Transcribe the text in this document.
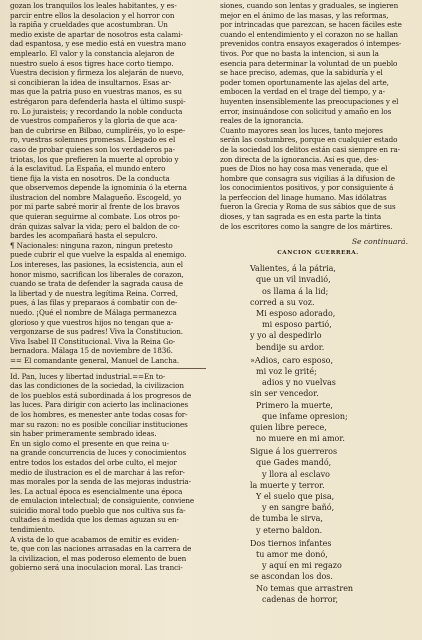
gozan los tranquilos los leales habitantes, y es-
parcir entre ellos la desolacion y el horror con
la rapiña y crueldades que acostumbran. Un
medio existe de apartar de nosotros esta calami-
dad espantosa, y ese medio está en vuestra mano
emplearlo. El valor y la constancia alejaron de
nuestro suelo á esos tigres hace corto tiempo.
Vuestra decision y firmeza los alejarán de nuevo,
si concibieran la idea de insultarnos. Esas ar-
mas que la patria puso en vuestras manos, es su
estrégaron para defenderla hasta el último suspi-
ro. Lo juraisteis; y recordando la noble conducta
de vuestros compañeros y la gloria de que aca-
ban de cubrirse en Bilbao, cumpliréis, yo lo espe-
ro, vuestras solemnes promesas. Llegado es el
caso de probar quienes son los verdaderos pa-
triotas, los que prefieren la muerte al oprobio y
á la esclavitud. La España, el mundo entero
tiene fija la vista en nosotros. De la conducta
que observemos depende la ignominia ó la eterna
ilustracion del nombre Malagueño. Escogeld, yo
por mi parte sabré morir al frente de los bravos
que quieran seguirme al combate. Los otros po-
drán quizas salvar la vida; pero el baldon de co-
bardes les acompañará hasta el sepulcro.
¶ Nacionales: ninguna razon, ningun pretesto
puede cubrir el que vuelve la espalda al enemigo.
Los intereses, las pasiones, la ecsistencia, aun el
honor mismo, sacrifican los liberales de corazon,
cuando se trata de defender la sagrada causa de
la libertad y de nuestra legítima Reina. Corred,
pues, á las filas y preparaos á combatir con de-
nuedo. ¡Qué el nombre de Málaga permanezca
glorioso y que vuestros hijos no tengan que a-
vergonzarse de sus padres! Viva la Constitucion.
Viva Isabel II Constitucional. Viva la Reina Go-
bernadora. Málaga 15 de noviembre de 1836.
== El comandante general, Manuel de Lancha.
Id. Pan, luces y libertad industrial.==En to-
das las condiciones de la sociedad, la civilizacion
de los pueblos está subordinada á los progresos de
las luces. Para dirigir con acierto las inclinaciones
de los hombres, es menester ante todas cosas for-
mar su razon: no es posible conciliar instituciones
sin haber primeramente sembrado ideas.
En un siglo como el presente en que reina u-
na grande concurrencia de luces y conocimientos
entre todos los estados del orbe culto, el mejor
medio de ilustracion es el de marchar á las refor-
mas morales por la senda de las mejoras industria-
les. La actual época es esencialmente una época
de emulacion intelectual; de consiguiente, conviene
suicidio moral todo pueblo que nos cultiva sus fa-
cultades á medida que los demas aguzan su en-
tendimiento.
A vista de lo que acabamos de emitir es eviden-
te, que con las naciones arrasadas en la carrera de
la civilizacion, el mas poderoso elemento de buen
gobierno será una inoculacion moral. Las tranci-
siones, cuando son lentas y graduales, se ingieren
mejor en el ánimo de las masas, y las reformas,
por intrincadas que parezcan, se hacen fáciles este
cuando el entendimiento y el corazon no se hallan
prevenidos contra ensayos exagerados ó intempes-
tivos. Por que no basta la intencion, si aun la
esencia para determinar la voluntad de un pueblo
se hace preciso, ademas, que la sabiduría y el
poder tomen oportunamente las ajelas del arte,
embocen la verdad en el trage del tiempo, y a-
huyenten insensiblemente las preocupaciones y el
error, insinuándose con solicitud y amaño en los
reales de la ignorancia.
Cuanto mayores sean los luces, tanto mejores
serán las costumbres, porque en cualquier estado
de la sociedad los delitos están casi siempre en ra-
zon directa de la ignorancia. Así es que, des-
pues de Dios no hay cosa mas venerada, que el
hombre que consagra sus vigilias á la difusion de
los conocimientos positivos, y por consiguiente á
la perfeccion del linage humano. Mas idólatras
fueron la Grecia y Roma de sus sábios que de sus
dioses, y tan sagrada es en esta parte la tinta
de los escritores como la sangre de los mártires.
Se continuará.
CANCION GUERRERA.
Valientes, á la pátria,
que un vil invadió,
os llama á la lid;
corred a su voz.
Mi esposo adorado,
mi esposo partió,
y yo al despedirlo
bendije su ardor.
»Adios, caro esposo,
mi voz le grité;
adios y no vuelvas
sin ser vencedor.
Primero la muerte,
que infame opresion;
quien libre perece,
no muere en mi amor.
Sigue á los guerreros
que Gades mandó,
y llora al esclavo
la muerte y terror.
Y el suelo que pisa,
y en sangre bañó,
de tumba le sirva,
y eterno baldon.
Dos tiernos infantes
tu amor me donó,
y aquí en mi regazo
se ascondan los dos.
No temas que arrastren
cadenas de horror,
